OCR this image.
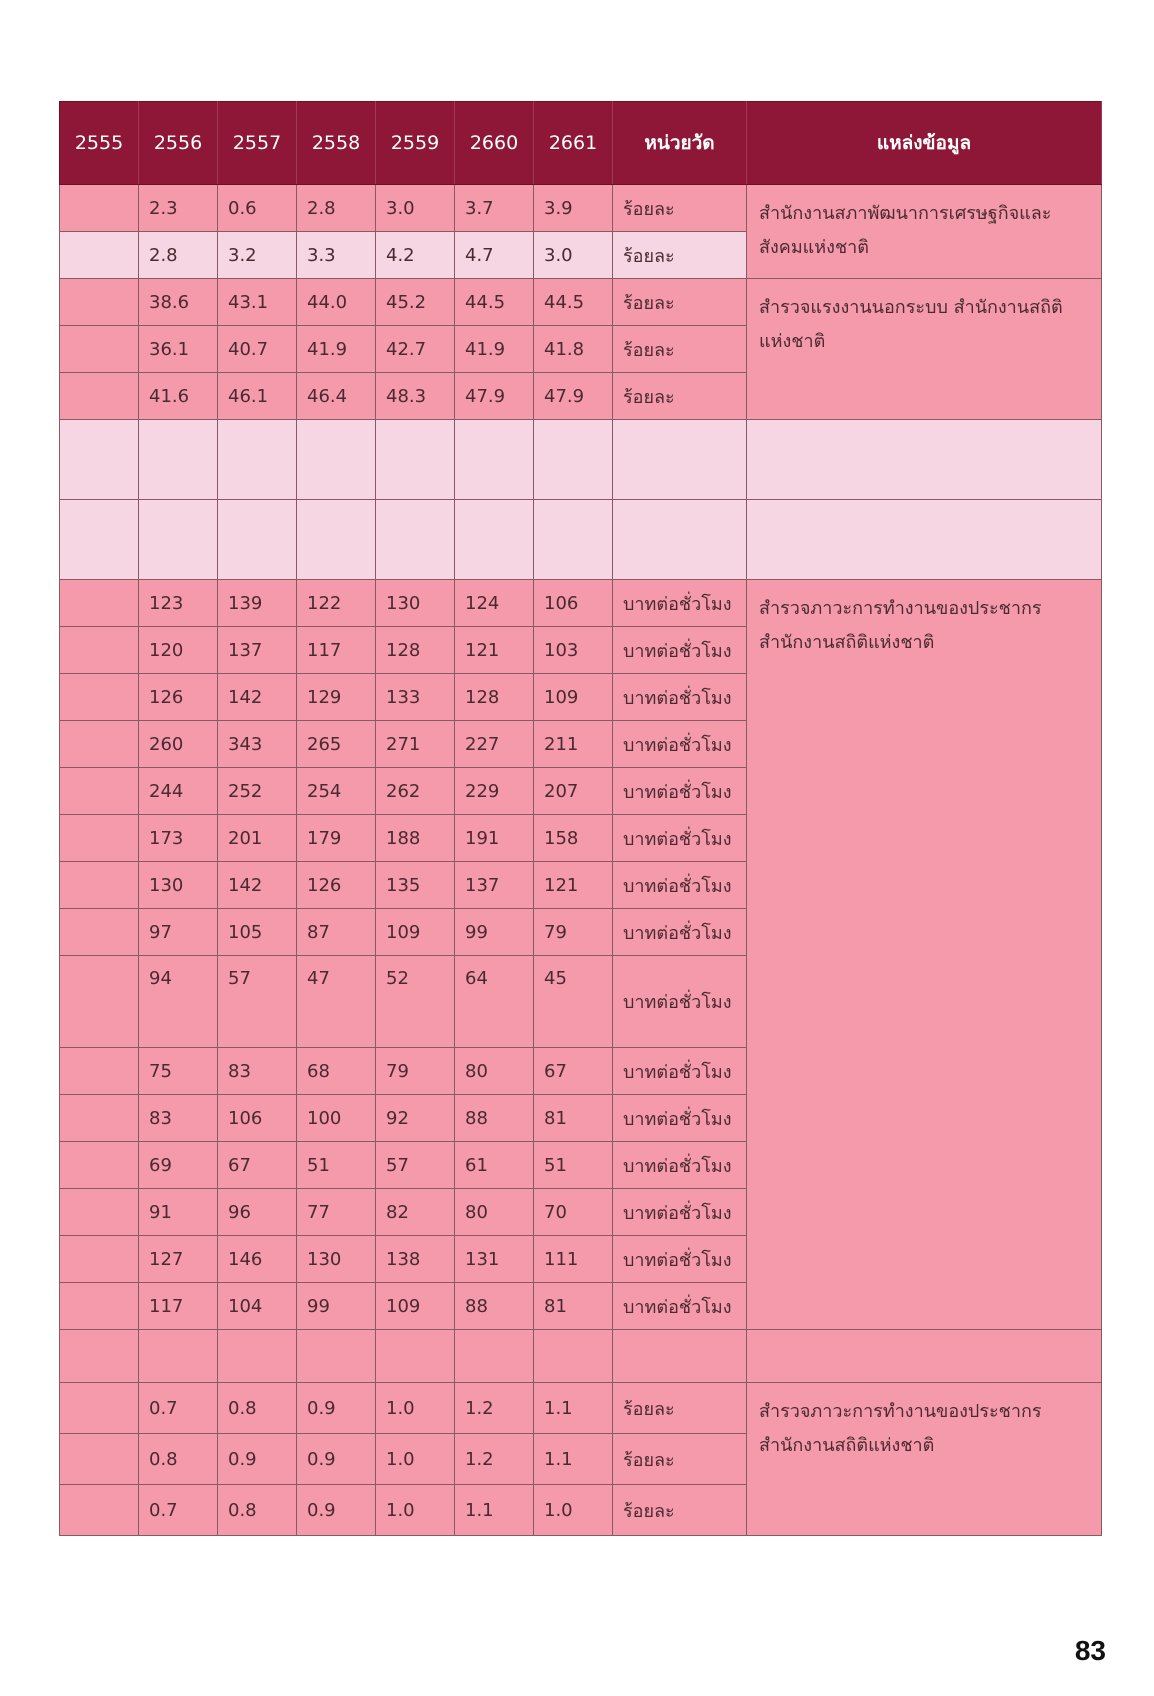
2555	2556	2557	2558	2559	2660	2661	หน่วยวัด	แหล่งข้อมูล
	2.3	0.6	2.8	3.0	3.7	3.9	ร้อยละ	สำนักงานสภาพัฒนาการเศรษฐกิจและสังคมแห่งชาติ
	2.8	3.2	3.3	4.2	4.7	3.0	ร้อยละ	
	38.6	43.1	44.0	45.2	44.5	44.5	ร้อยละ	สำรวจแรงงานนอกระบบ สำนักงานสถิติแห่งชาติ
	36.1	40.7	41.9	42.7	41.9	41.8	ร้อยละ	
	41.6	46.1	46.4	48.3	47.9	47.9	ร้อยละ	

	123	139	122	130	124	106	บาทต่อชั่วโมง	สำรวจภาวะการทำงานของประชากร สำนักงานสถิติแห่งชาติ
	120	137	117	128	121	103	บาทต่อชั่วโมง	
	126	142	129	133	128	109	บาทต่อชั่วโมง	
	260	343	265	271	227	211	บาทต่อชั่วโมง	
	244	252	254	262	229	207	บาทต่อชั่วโมง	
	173	201	179	188	191	158	บาทต่อชั่วโมง	
	130	142	126	135	137	121	บาทต่อชั่วโมง	
	97	105	87	109	99	79	บาทต่อชั่วโมง	
	94	57	47	52	64	45	บาทต่อชั่วโมง	
	75	83	68	79	80	67	บาทต่อชั่วโมง	
	83	106	100	92	88	81	บาทต่อชั่วโมง	
	69	67	51	57	61	51	บาทต่อชั่วโมง	
	91	96	77	82	80	70	บาทต่อชั่วโมง	
	127	146	130	138	131	111	บาทต่อชั่วโมง	
	117	104	99	109	88	81	บาทต่อชั่วโมง	

	0.7	0.8	0.9	1.0	1.2	1.1	ร้อยละ	สำรวจภาวะการทำงานของประชากร สำนักงานสถิติแห่งชาติ
	0.8	0.9	0.9	1.0	1.2	1.1	ร้อยละ	
	0.7	0.8	0.9	1.0	1.1	1.0	ร้อยละ	
83
